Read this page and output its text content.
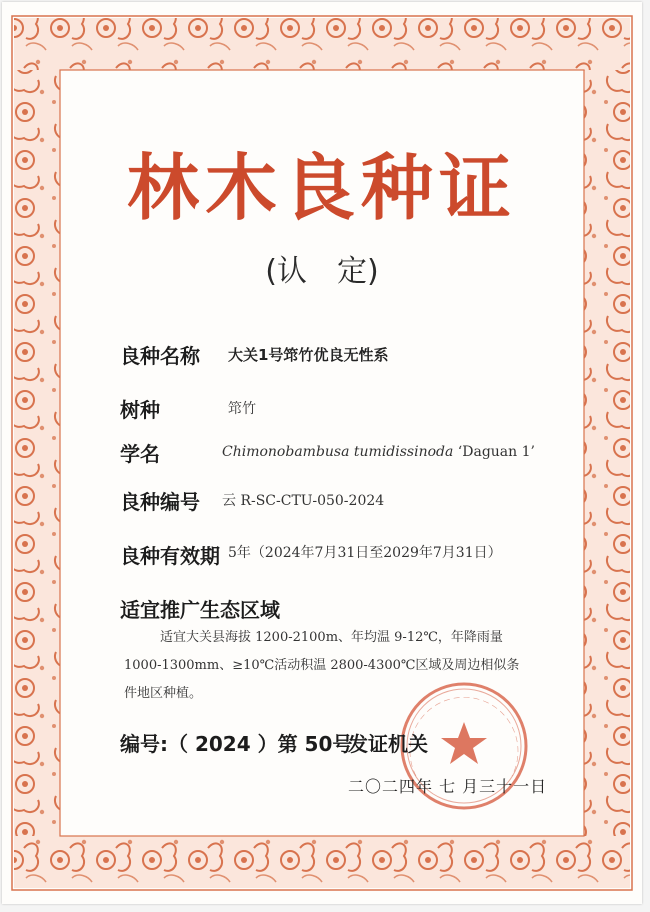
林木良种证
(认　定)
良种名称 大关1号筇竹优良无性系
树种	筇竹
学名	Chimonobambusa tumidissinoda ‘Daguan 1’
良种编号 云 R-SC-CTU-050-2024
良种有效期 5年（2024年7月31日至2029年7月31日）
适宜推广生态区域
适宜大关县海拔 1200-2100m、年均温 9-12℃，年降雨量
1000-1300mm、≥10℃活动积温 2800-4300℃区域及周边相似条
件地区种植。
编号:（ 2024 ）第 50号
发证机关
二〇二四年 七 月三十一日
